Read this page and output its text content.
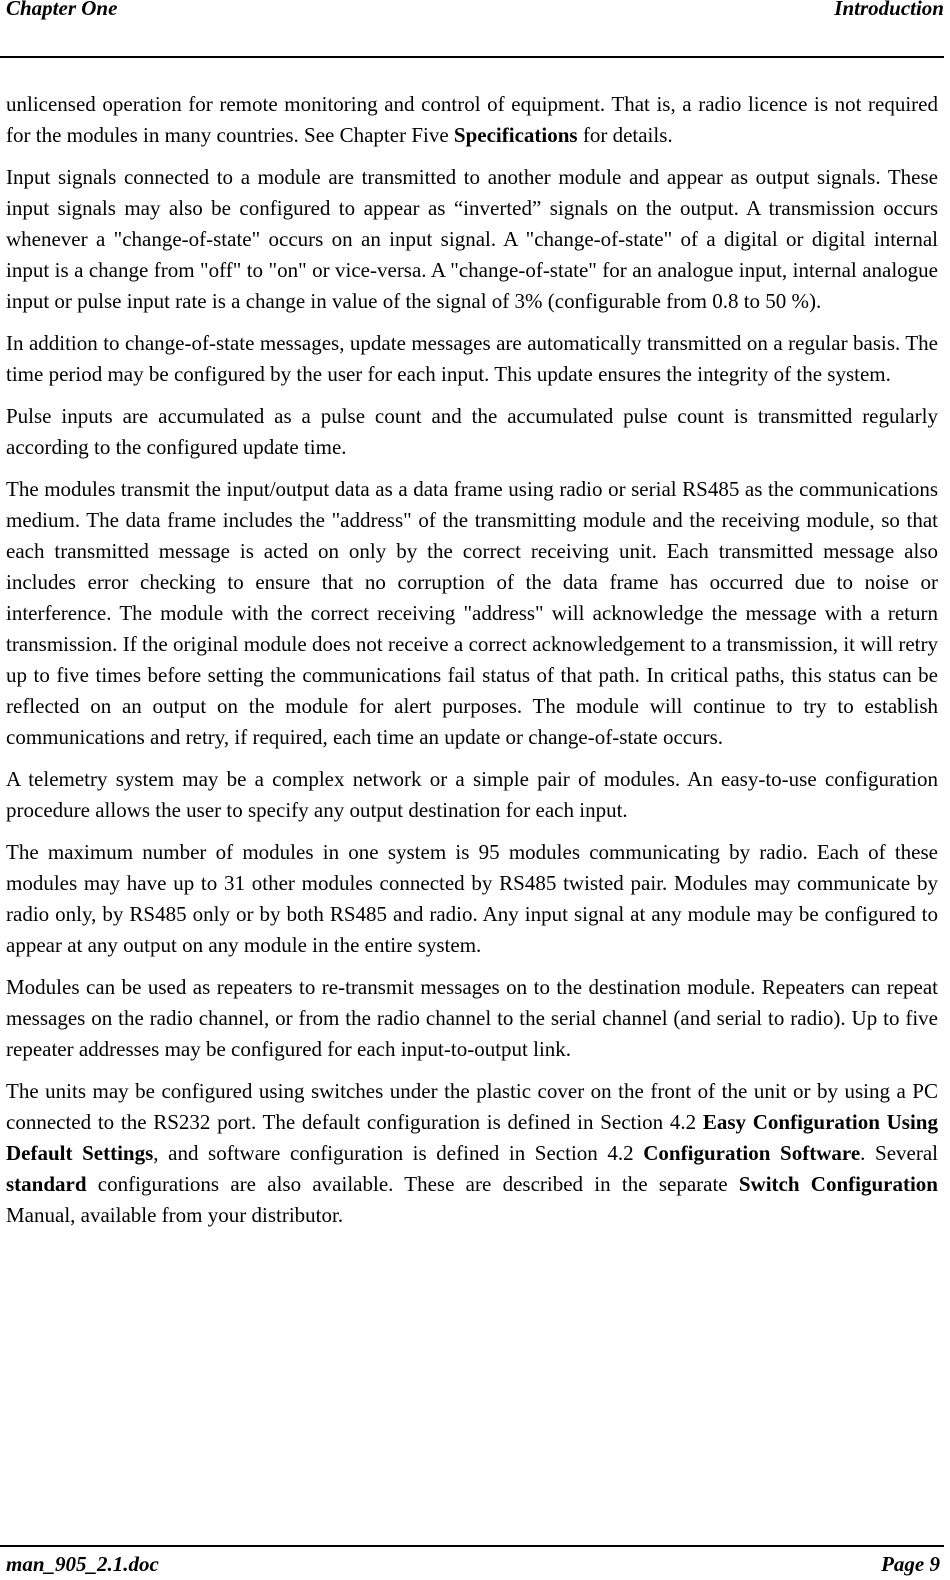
Chapter One	Introduction

unlicensed operation for remote monitoring and control of equipment. That is, a radio licence is not required for the modules in many countries. See Chapter Five Specifications for details.

Input signals connected to a module are transmitted to another module and appear as output signals. These input signals may also be configured to appear as “inverted” signals on the output. A transmission occurs whenever a "change-of-state" occurs on an input signal. A "change-of-state" of a digital or digital internal input is a change from "off" to "on" or vice-versa. A "change-of-state" for an analogue input, internal analogue input or pulse input rate is a change in value of the signal of 3% (configurable from 0.8 to 50 %).

In addition to change-of-state messages, update messages are automatically transmitted on a regular basis. The time period may be configured by the user for each input. This update ensures the integrity of the system.

Pulse inputs are accumulated as a pulse count and the accumulated pulse count is transmitted regularly according to the configured update time.

The modules transmit the input/output data as a data frame using radio or serial RS485 as the communications medium. The data frame includes the "address" of the transmitting module and the receiving module, so that each transmitted message is acted on only by the correct receiving unit. Each transmitted message also includes error checking to ensure that no corruption of the data frame has occurred due to noise or interference. The module with the correct receiving "address" will acknowledge the message with a return transmission. If the original module does not receive a correct acknowledgement to a transmission, it will retry up to five times before setting the communications fail status of that path. In critical paths, this status can be reflected on an output on the module for alert purposes. The module will continue to try to establish communications and retry, if required, each time an update or change-of-state occurs.

A telemetry system may be a complex network or a simple pair of modules. An easy-to-use configuration procedure allows the user to specify any output destination for each input.

The maximum number of modules in one system is 95 modules communicating by radio. Each of these modules may have up to 31 other modules connected by RS485 twisted pair. Modules may communicate by radio only, by RS485 only or by both RS485 and radio. Any input signal at any module may be configured to appear at any output on any module in the entire system.

Modules can be used as repeaters to re-transmit messages on to the destination module. Repeaters can repeat messages on the radio channel, or from the radio channel to the serial channel (and serial to radio). Up to five repeater addresses may be configured for each input-to-output link.

The units may be configured using switches under the plastic cover on the front of the unit or by using a PC connected to the RS232 port. The default configuration is defined in Section 4.2 Easy Configuration Using Default Settings, and software configuration is defined in Section 4.2 Configuration Software. Several standard configurations are also available. These are described in the separate Switch Configuration Manual, available from your distributor.

man_905_2.1.doc	Page 9
